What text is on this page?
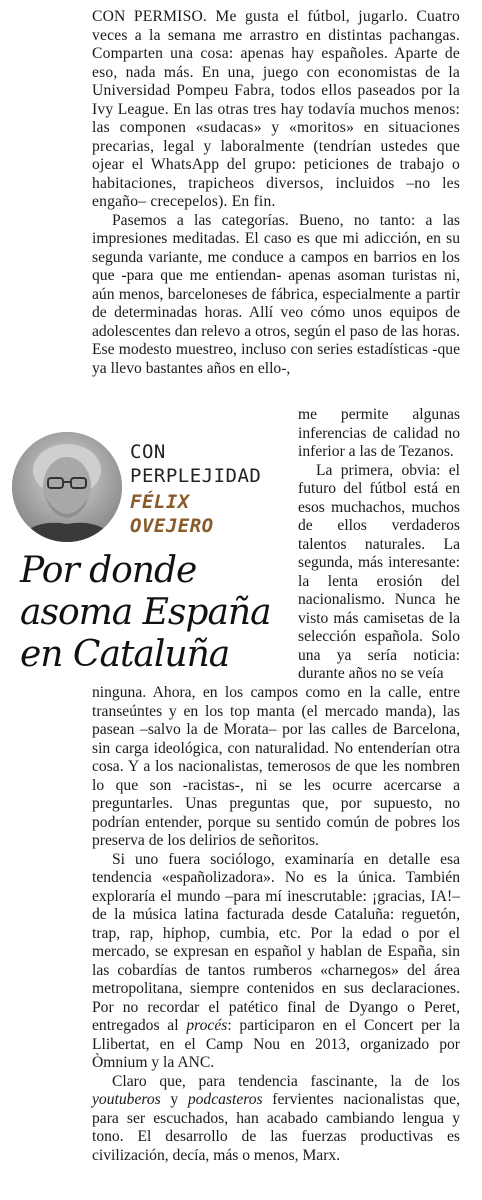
CON PERMISO. Me gusta el fútbol, jugarlo. Cuatro veces a la semana me arrastro en distintas pachangas. Comparten una cosa: apenas hay españoles. Aparte de eso, nada más. En una, juego con economistas de la Universidad Pompeu Fabra, todos ellos paseados por la Ivy League. En las otras tres hay todavía muchos menos: las componen «sudacas» y «moritos» en situaciones precarias, legal y laboralmente (tendrían ustedes que ojear el WhatsApp del grupo: peticiones de trabajo o habitaciones, trapicheos diversos, incluidos –no les engaño– crecepelos). En fin.

Pasemos a las categorías. Bueno, no tanto: a las impresiones meditadas. El caso es que mi adicción, en su segunda variante, me conduce a campos en barrios en los que -para que me entiendan- apenas asoman turistas ni, aún menos, barceloneses de fábrica, especialmente a partir de determinadas horas. Allí veo cómo unos equipos de adolescentes dan relevo a otros, según el paso de las horas. Ese modesto muestreo, incluso con series estadísticas -que ya llevo bastantes años en ello-,

CON
PERPLEJIDAD
FÉLIX
OVEJERO
Por donde
asoma España
en Cataluña

me permite algunas inferencias de calidad no inferior a las de Tezanos.

La primera, obvia: el futuro del fútbol está en esos muchachos, muchos de ellos verdaderos talentos naturales. La segunda, más interesante: la lenta erosión del nacionalismo. Nunca he visto más camisetas de la selección española. Solo una ya sería noticia: durante años no se veía

ninguna. Ahora, en los campos como en la calle, entre transeúntes y en los top manta (el mercado manda), las pasean –salvo la de Morata– por las calles de Barcelona, sin carga ideológica, con naturalidad. No entenderían otra cosa. Y a los nacionalistas, temerosos de que les nombren lo que son -racistas-, ni se les ocurre acercarse a preguntarles. Unas preguntas que, por supuesto, no podrían entender, porque su sentido común de pobres los preserva de los delirios de señoritos.

Si uno fuera sociólogo, examinaría en detalle esa tendencia «españolizadora». No es la única. También exploraría el mundo –para mí inescrutable: ¡gracias, IA!– de la música latina facturada desde Cataluña: reguetón, trap, rap, hiphop, cumbia, etc. Por la edad o por el mercado, se expresan en español y hablan de España, sin las cobardías de tantos rumberos «charnegos» del área metropolitana, siempre contenidos en sus declaraciones. Por no recordar el patético final de Dyango o Peret, entregados al procés: participaron en el Concert per la Llibertat, en el Camp Nou en 2013, organizado por Òmnium y la ANC.

Claro que, para tendencia fascinante, la de los youtuberos y podcasteros fervientes nacionalistas que, para ser escuchados, han acabado cambiando lengua y tono. El desarrollo de las fuerzas productivas es civilización, decía, más o menos, Marx.
